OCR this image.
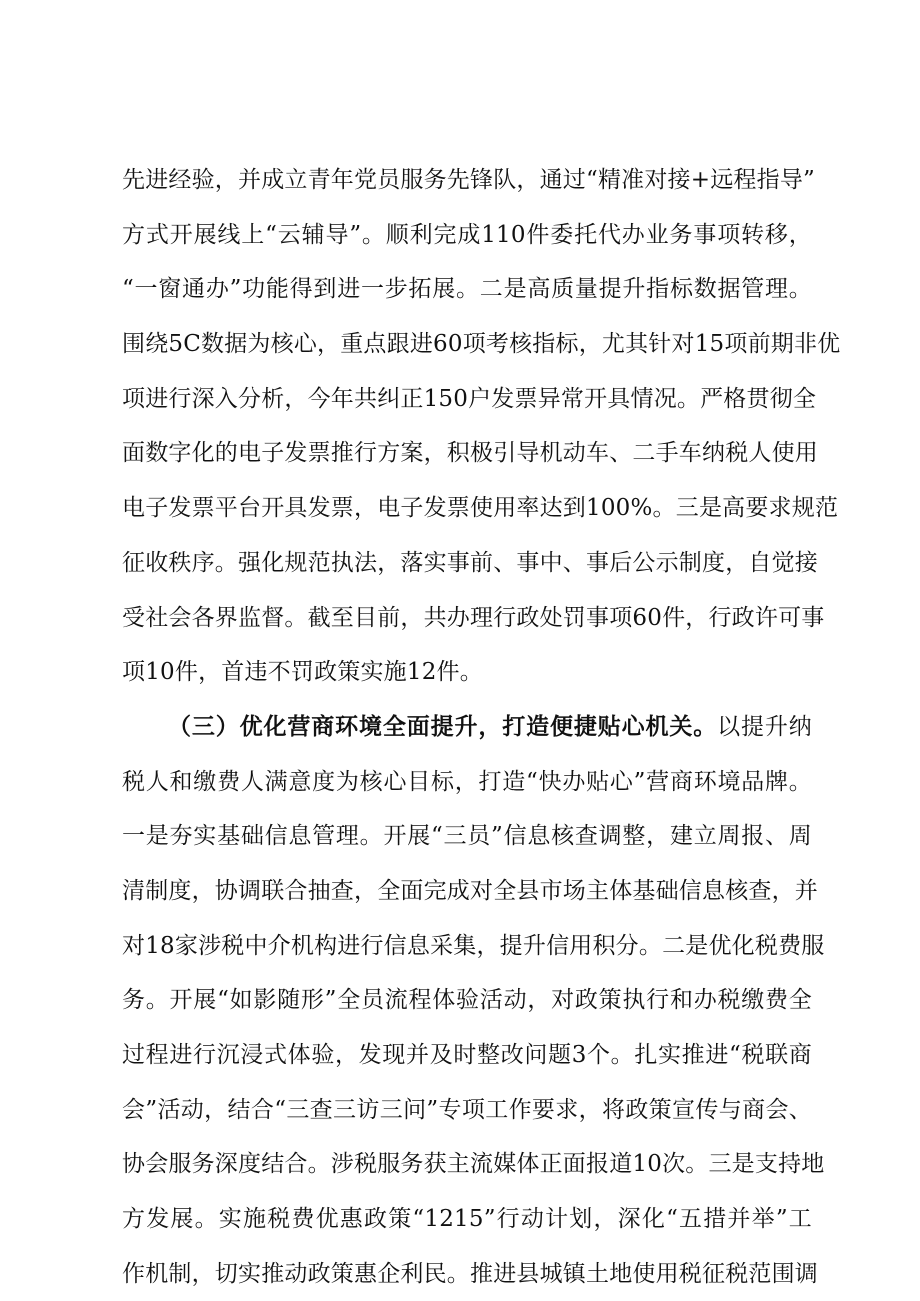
先进经验，并成立青年党员服务先锋队，通过“精准对接+远程指导”
方式开展线上“云辅导”。顺利完成110件委托代办业务事项转移，
“一窗通办”功能得到进一步拓展。二是高质量提升指标数据管理。
围绕5C数据为核心，重点跟进60项考核指标，尤其针对15项前期非优
项进行深入分析，今年共纠正150户发票异常开具情况。严格贯彻全
面数字化的电子发票推行方案，积极引导机动车、二手车纳税人使用
电子发票平台开具发票，电子发票使用率达到100%。三是高要求规范
征收秩序。强化规范执法，落实事前、事中、事后公示制度，自觉接
受社会各界监督。截至目前，共办理行政处罚事项60件，行政许可事
项10件，首违不罚政策实施12件。
（三）优化营商环境全面提升，打造便捷贴心机关。以提升纳
税人和缴费人满意度为核心目标，打造“快办贴心”营商环境品牌。
一是夯实基础信息管理。开展“三员”信息核查调整，建立周报、周
清制度，协调联合抽查，全面完成对全县市场主体基础信息核查，并
对18家涉税中介机构进行信息采集，提升信用积分。二是优化税费服
务。开展“如影随形”全员流程体验活动，对政策执行和办税缴费全
过程进行沉浸式体验，发现并及时整改问题3个。扎实推进“税联商
会”活动，结合“三查三访三问”专项工作要求，将政策宣传与商会、
协会服务深度结合。涉税服务获主流媒体正面报道10次。三是支持地
方发展。实施税费优惠政策“1215”行动计划，深化“五措并举”工
作机制，切实推动政策惠企利民。推进县城镇土地使用税征税范围调
